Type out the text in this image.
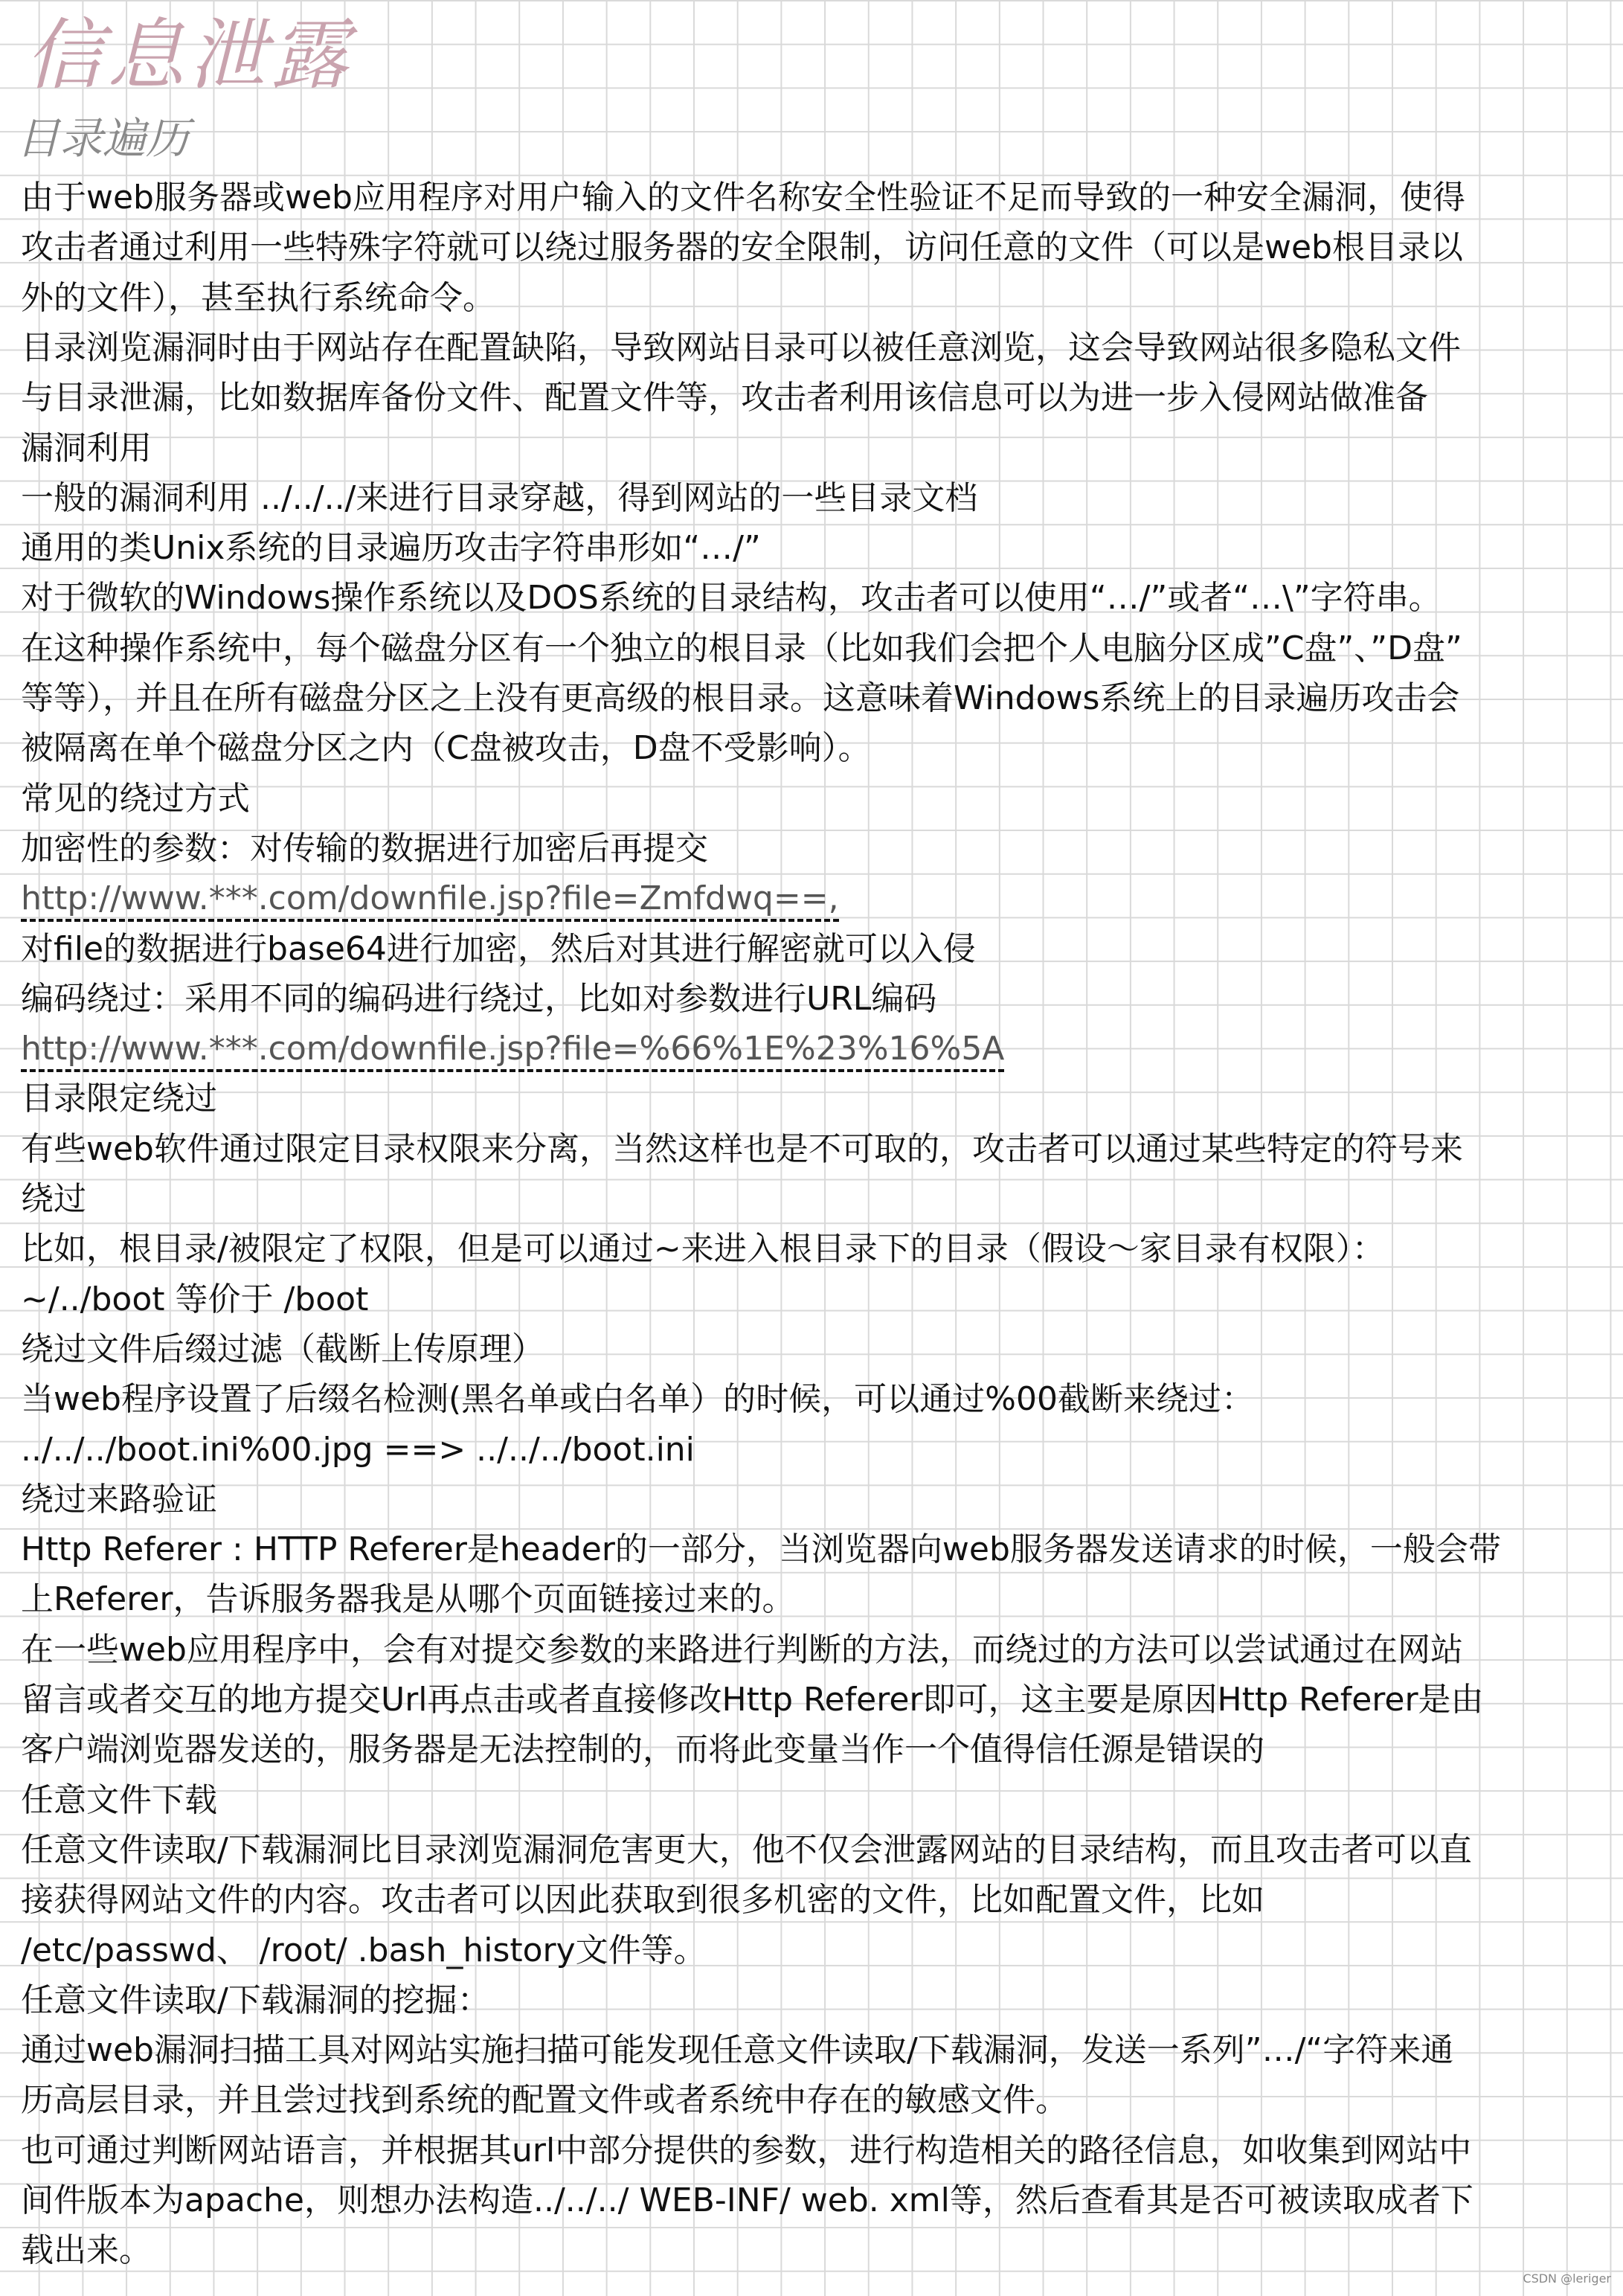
信息泄露
目录遍历
由于web服务器或web应用程序对用户输入的文件名称安全性验证不足而导致的一种安全漏洞，使得
攻击者通过利用一些特殊字符就可以绕过服务器的安全限制，访问任意的文件（可以是web根目录以
外的文件），甚至执行系统命令。
目录浏览漏洞时由于网站存在配置缺陷，导致网站目录可以被任意浏览，这会导致网站很多隐私文件
与目录泄漏，比如数据库备份文件、配置文件等，攻击者利用该信息可以为进一步入侵网站做准备
漏洞利用
一般的漏洞利用 ../../../来进行目录穿越，得到网站的一些目录文档
通用的类Unix系统的目录遍历攻击字符串形如“…/”
对于微软的Windows操作系统以及DOS系统的目录结构，攻击者可以使用“…/”或者“…\”字符串。
在这种操作系统中，每个磁盘分区有一个独立的根目录（比如我们会把个人电脑分区成”C盘”、”D盘”
等等），并且在所有磁盘分区之上没有更高级的根目录。这意味着Windows系统上的目录遍历攻击会
被隔离在单个磁盘分区之内（C盘被攻击，D盘不受影响）。
常见的绕过方式
加密性的参数：对传输的数据进行加密后再提交
http://www.***.com/downfile.jsp?file=Zmfdwq==,
对file的数据进行base64进行加密，然后对其进行解密就可以入侵
编码绕过：采用不同的编码进行绕过，比如对参数进行URL编码
http://www.***.com/downfile.jsp?file=%66%1E%23%16%5A
目录限定绕过
有些web软件通过限定目录权限来分离，当然这样也是不可取的，攻击者可以通过某些特定的符号来
绕过
比如，根目录/被限定了权限，但是可以通过~来进入根目录下的目录（假设～家目录有权限）：
~/../boot 等价于 /boot
绕过文件后缀过滤（截断上传原理）
当web程序设置了后缀名检测(黑名单或白名单）的时候，可以通过%00截断来绕过：
../../../boot.ini%00.jpg ==> ../../../boot.ini
绕过来路验证
Http Referer : HTTP Referer是header的一部分，当浏览器向web服务器发送请求的时候，一般会带
上Referer，告诉服务器我是从哪个页面链接过来的。
在一些web应用程序中，会有对提交参数的来路进行判断的方法，而绕过的方法可以尝试通过在网站
留言或者交互的地方提交Url再点击或者直接修改Http Referer即可，这主要是原因Http Referer是由
客户端浏览器发送的，服务器是无法控制的，而将此变量当作一个值得信任源是错误的
任意文件下载
任意文件读取/下载漏洞比目录浏览漏洞危害更大，他不仅会泄露网站的目录结构，而且攻击者可以直
接获得网站文件的内容。攻击者可以因此获取到很多机密的文件，比如配置文件，比如
/etc/passwd、 /root/ .bash_history文件等。
任意文件读取/下载漏洞的挖掘：
通过web漏洞扫描工具对网站实施扫描可能发现任意文件读取/下载漏洞，发送一系列”…/“字符来通
历高层目录，并且尝过找到系统的配置文件或者系统中存在的敏感文件。
也可通过判断网站语言，并根据其url中部分提供的参数，进行构造相关的路径信息，如收集到网站中
间件版本为apache，则想办法构造../../../ WEB-INF/ web. xml等，然后查看其是否可被读取成者下
载出来。
CSDN @leriger
